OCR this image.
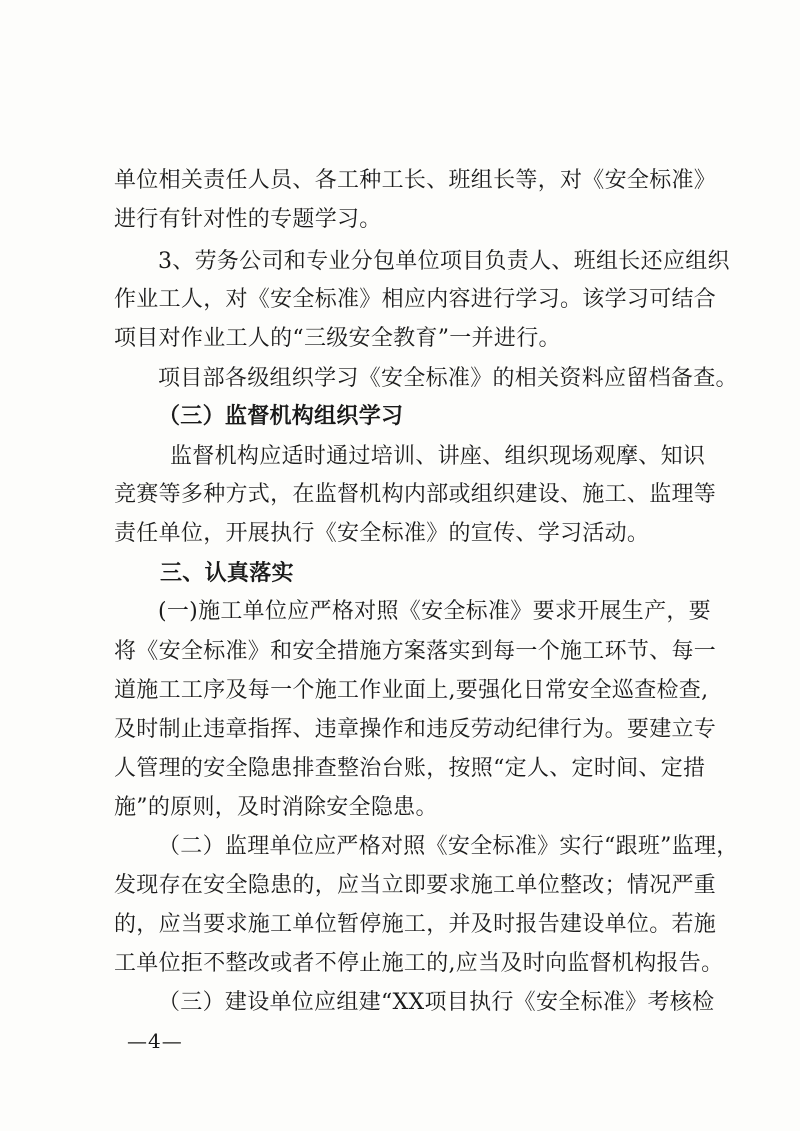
单位相关责任人员、各工种工长、班组长等，对《安全标准》

进行有针对性的专题学习。

3、劳务公司和专业分包单位项目负责人、班组长还应组织

作业工人，对《安全标准》相应内容进行学习。该学习可结合

项目对作业工人的“三级安全教育”一并进行。

项目部各级组织学习《安全标准》的相关资料应留档备查。

（三）监督机构组织学习

监督机构应适时通过培训、讲座、组织现场观摩、知识

竞赛等多种方式，在监督机构内部或组织建设、施工、监理等

责任单位，开展执行《安全标准》的宣传、学习活动。

三、认真落实

(一)施工单位应严格对照《安全标准》要求开展生产，要

将《安全标准》和安全措施方案落实到每一个施工环节、每一

道施工工序及每一个施工作业面上,要强化日常安全巡查检查,

及时制止违章指挥、违章操作和违反劳动纪律行为。要建立专

人管理的安全隐患排查整治台账，按照“定人、定时间、定措

施”的原则，及时消除安全隐患。

（二）监理单位应严格对照《安全标准》实行“跟班”监理，

发现存在安全隐患的，应当立即要求施工单位整改；情况严重

的，应当要求施工单位暂停施工，并及时报告建设单位。若施

工单位拒不整改或者不停止施工的,应当及时向监督机构报告。

（三）建设单位应组建“XX项目执行《安全标准》考核检

—4—
